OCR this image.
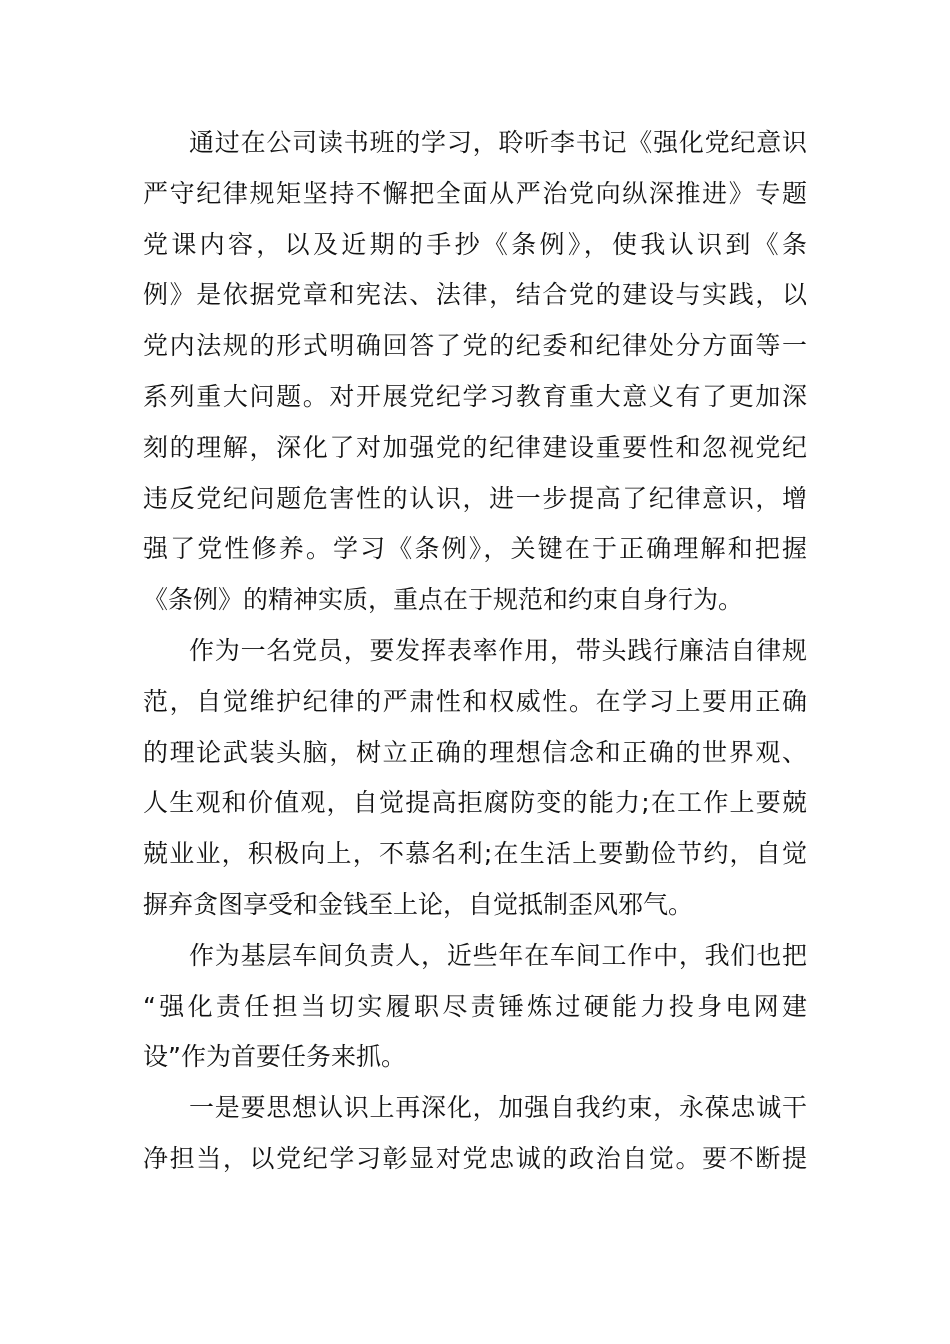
通过在公司读书班的学习，聆听李书记《强化党纪意识
严守纪律规矩坚持不懈把全面从严治党向纵深推进》专题
党课内容，以及近期的手抄《条例》，使我认识到《条
例》是依据党章和宪法、法律，结合党的建设与实践，以
党内法规的形式明确回答了党的纪委和纪律处分方面等一
系列重大问题。对开展党纪学习教育重大意义有了更加深
刻的理解，深化了对加强党的纪律建设重要性和忽视党纪
违反党纪问题危害性的认识，进一步提高了纪律意识，增
强了党性修养。学习《条例》，关键在于正确理解和把握
《条例》的精神实质，重点在于规范和约束自身行为。
作为一名党员，要发挥表率作用，带头践行廉洁自律规
范，自觉维护纪律的严肃性和权威性。在学习上要用正确
的理论武装头脑，树立正确的理想信念和正确的世界观、
人生观和价值观，自觉提高拒腐防变的能力;在工作上要兢
兢业业，积极向上，不慕名利;在生活上要勤俭节约，自觉
摒弃贪图享受和金钱至上论，自觉抵制歪风邪气。
作为基层车间负责人，近些年在车间工作中，我们也把
“强化责任担当切实履职尽责锤炼过硬能力投身电网建
设”作为首要任务来抓。
一是要思想认识上再深化，加强自我约束，永葆忠诚干
净担当，以党纪学习彰显对党忠诚的政治自觉。要不断提
